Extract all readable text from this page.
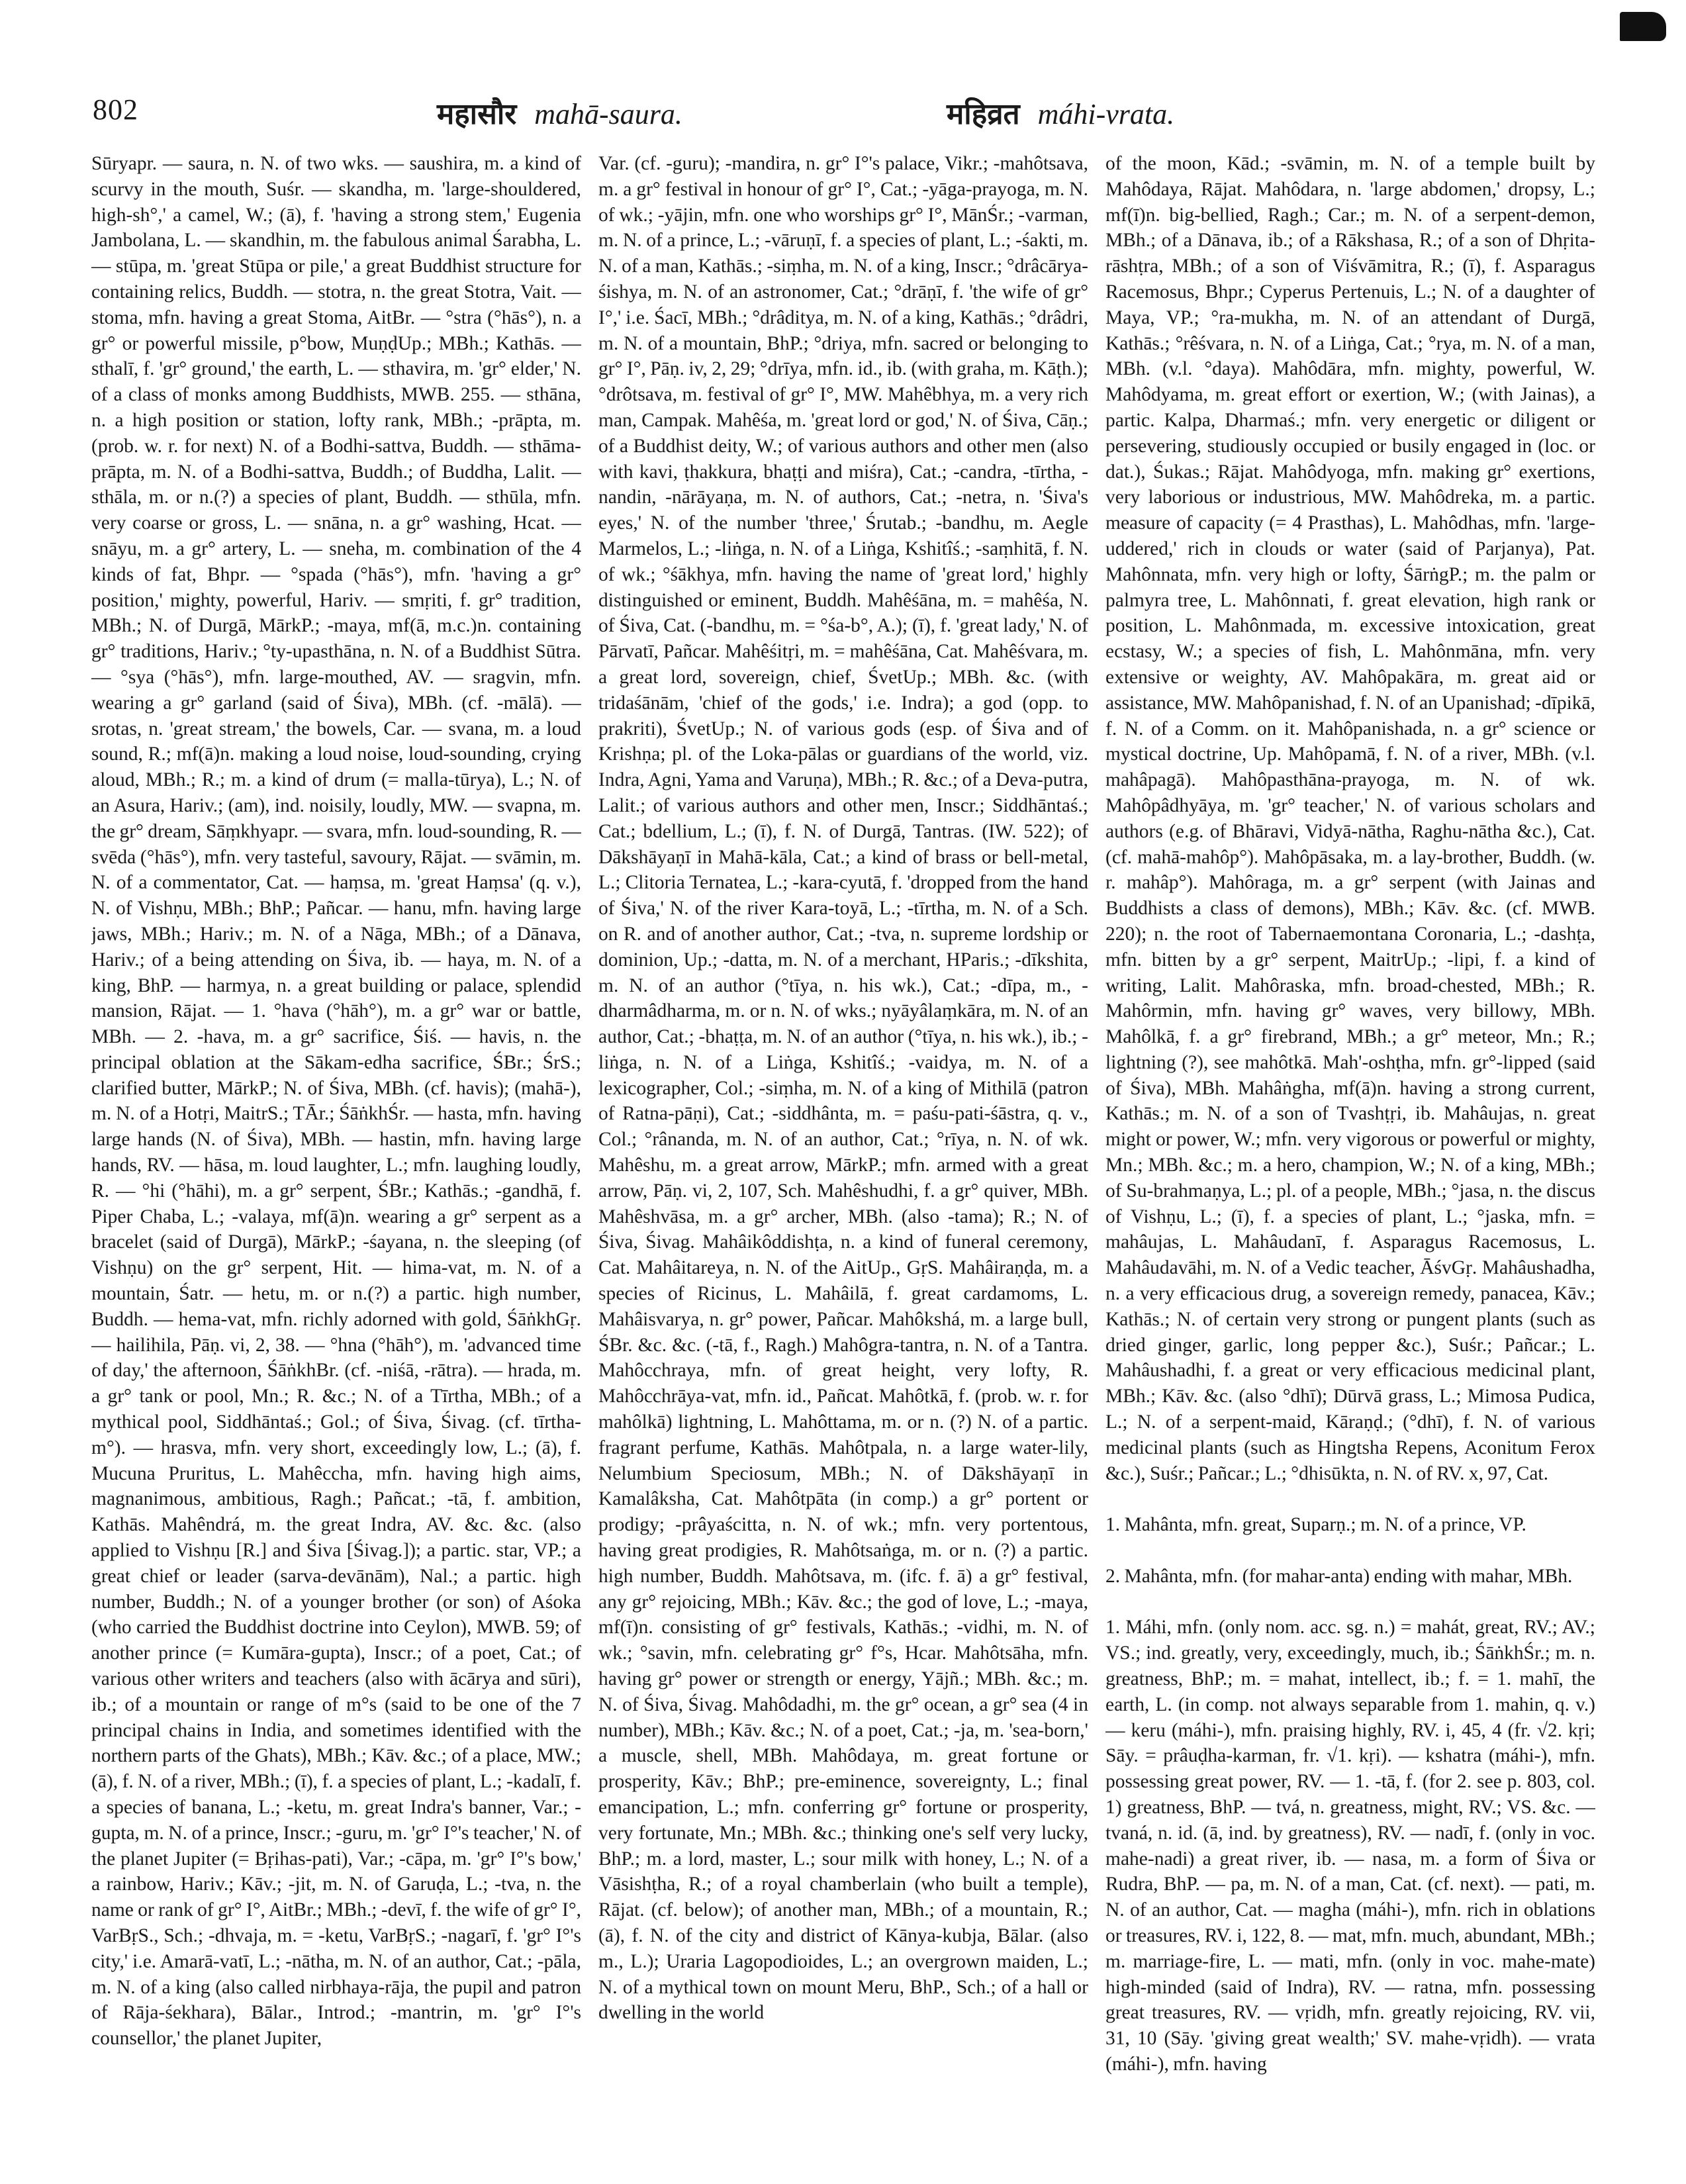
802	महासौर mahā-saura.	महिव्रत máhi-vrata.

Sūryapr. — saura, n. N. of two wks. — saushira, m. a kind of scurvy in the mouth, Suśr. — skandha, m. 'large-shouldered, high-sh°,' a camel, W.; (ā), f. 'having a strong stem,' Eugenia Jambolana, L. — skandhin, m. the fabulous animal Śarabha, L. — stūpa, m. 'great Stūpa or pile,' a great Buddhist structure for containing relics, Buddh. — stotra, n. the great Stotra, Vait. — stoma, mfn. having a great Stoma, AitBr. — °stra (°hās°), n. a gr° or powerful missile, p°bow, MuṇḍUp.; MBh.; Kathās. — sthalī, f. 'gr° ground,' the earth, L. — sthavira, m. 'gr° elder,' N. of a class of monks among Buddhists, MWB. 255. — sthāna, n. a high position or station, lofty rank, MBh.; -prāpta, m. (prob. w. r. for next) N. of a Bodhi-sattva, Buddh. — sthāma-prāpta, m. N. of a Bodhi-sattva, Buddh.; of Buddha, Lalit. — sthāla, m. or n.(?) a species of plant, Buddh. — sthūla, mfn. very coarse or gross, L. — snāna, n. a gr° washing, Hcat. — snāyu, m. a gr° artery, L. — sneha, m. combination of the 4 kinds of fat, Bhpr. — °spada (°hās°), mfn. 'having a gr° position,' mighty, powerful, Hariv. — smṛiti, f. gr° tradition, MBh.; N. of Durgā, MārkP.; -maya, mf(ā, m.c.)n. containing gr° traditions, Hariv.; °ty-upasthāna, n. N. of a Buddhist Sūtra. — °sya (°hās°), mfn. large-mouthed, AV. — sragvin, mfn. wearing a gr° garland (said of Śiva), MBh. (cf. -mālā). — srotas, n. 'great stream,' the bowels, Car. — svana, m. a loud sound, R.; mf(ā)n. making a loud noise, loud-sounding, crying aloud, MBh.; R.; m. a kind of drum (= malla-tūrya), L.; N. of an Asura, Hariv.; (am), ind. noisily, loudly, MW. — svapna, m. the gr° dream, Sāṃkhyapr. — svara, mfn. loud-sounding, R. — svēda (°hās°), mfn. very tasteful, savoury, Rājat. — svāmin, m. N. of a commentator, Cat. — haṃsa, m. 'great Haṃsa' (q. v.), N. of Vishṇu, MBh.; BhP.; Pañcar. — hanu, mfn. having large jaws, MBh.; Hariv.; m. N. of a Nāga, MBh.; of a Dānava, Hariv.; of a being attending on Śiva, ib. — haya, m. N. of a king, BhP. — harmya, n. a great building or palace, splendid mansion, Rājat. — 1. °hava (°hāh°), m. a gr° war or battle, MBh. — 2. -hava, m. a gr° sacrifice, Śiś. — havis, n. the principal oblation at the Sākam-edha sacrifice, ŚBr.; ŚrS.; clarified butter, MārkP.; N. of Śiva, MBh. (cf. havis); (mahā-), m. N. of a Hotṛi, MaitrS.; TĀr.; ŚāṅkhŚr. — hasta, mfn. having large hands (N. of Śiva), MBh. — hastin, mfn. having large hands, RV. — hāsa, m. loud laughter, L.; mfn. laughing loudly, R. — °hi (°hāhi), m. a gr° serpent, ŚBr.; Kathās.; -gandhā, f. Piper Chaba, L.; -valaya, mf(ā)n. wearing a gr° serpent as a bracelet (said of Durgā), MārkP.; -śayana, n. the sleeping (of Vishṇu) on the gr° serpent, Hit. — hima-vat, m. N. of a mountain, Śatr. — hetu, m. or n.(?) a partic. high number, Buddh. — hema-vat, mfn. richly adorned with gold, ŚāṅkhGṛ. — hailihila, Pāṇ. vi, 2, 38. — °hna (°hāh°), m. 'advanced time of day,' the afternoon, ŚāṅkhBr. (cf. -niśā, -rātra). — hrada, m. a gr° tank or pool, Mn.; R. &c.; N. of a Tīrtha, MBh.; of a mythical pool, Siddhāntaś.; Gol.; of Śiva, Śivag. (cf. tīrtha-m°). — hrasva, mfn. very short, exceedingly low, L.; (ā), f. Mucuna Pruritus, L. Mahêccha, mfn. having high aims, magnanimous, ambitious, Ragh.; Pañcat.; -tā, f. ambition, Kathās. Mahêndrá, m. the great Indra, AV. &c. &c. (also applied to Vishṇu [R.] and Śiva [Śivag.]); a partic. star, VP.; a great chief or leader (sarva-devānām), Nal.; a partic. high number, Buddh.; N. of a younger brother (or son) of Aśoka (who carried the Buddhist doctrine into Ceylon), MWB. 59; of another prince (= Kumāra-gupta), Inscr.; of a poet, Cat.; of various other writers and teachers (also with ācārya and sūri), ib.; of a mountain or range of m°s (said to be one of the 7 principal chains in India, and sometimes identified with the northern parts of the Ghats), MBh.; Kāv. &c.; of a place, MW.; (ā), f. N. of a river, MBh.; (ī), f. a species of plant, L.; -kadalī, f. a species of banana, L.; -ketu, m. great Indra's banner, Var.; -gupta, m. N. of a prince, Inscr.; -guru, m. 'gr° I°'s teacher,' N. of the planet Jupiter (= Bṛihas-pati), Var.; -cāpa, m. 'gr° I°'s bow,' a rainbow, Hariv.; Kāv.; -jit, m. N. of Garuḍa, L.; -tva, n. the name or rank of gr° I°, AitBr.; MBh.; -devī, f. the wife of gr° I°, VarBṛS., Sch.; -dhvaja, m. = -ketu, VarBṛS.; -nagarī, f. 'gr° I°'s city,' i.e. Amarā-vatī, L.; -nātha, m. N. of an author, Cat.; -pāla, m. N. of a king (also called nirbhaya-rāja, the pupil and patron of Rāja-śekhara), Bālar., Introd.; -mantrin, m. 'gr° I°'s counsellor,' the planet Jupiter,

Var. (cf. -guru); -mandira, n. gr° I°'s palace, Vikr.; -mahôtsava, m. a gr° festival in honour of gr° I°, Cat.; -yāga-prayoga, m. N. of wk.; -yājin, mfn. one who worships gr° I°, MānŚr.; -varman, m. N. of a prince, L.; -vāruṇī, f. a species of plant, L.; -śakti, m. N. of a man, Kathās.; -siṃha, m. N. of a king, Inscr.; °drâcārya-śishya, m. N. of an astronomer, Cat.; °drāṇī, f. 'the wife of gr° I°,' i.e. Śacī, MBh.; °drâditya, m. N. of a king, Kathās.; °drâdri, m. N. of a mountain, BhP.; °driya, mfn. sacred or belonging to gr° I°, Pāṇ. iv, 2, 29; °drīya, mfn. id., ib. (with graha, m. Kāṭh.); °drôtsava, m. festival of gr° I°, MW. Mahêbhya, m. a very rich man, Campak. Mahêśa, m. 'great lord or god,' N. of Śiva, Cāṇ.; of a Buddhist deity, W.; of various authors and other men (also with kavi, ṭhakkura, bhaṭṭi and miśra), Cat.; -candra, -tīrtha, -nandin, -nārāyaṇa, m. N. of authors, Cat.; -netra, n. 'Śiva's eyes,' N. of the number 'three,' Śrutab.; -bandhu, m. Aegle Marmelos, L.; -liṅga, n. N. of a Liṅga, Kshitîś.; -saṃhitā, f. N. of wk.; °śākhya, mfn. having the name of 'great lord,' highly distinguished or eminent, Buddh. Mahêśāna, m. = mahêśa, N. of Śiva, Cat. (-bandhu, m. = °śa-b°, A.); (ī), f. 'great lady,' N. of Pārvatī, Pañcar. Mahêśitṛi, m. = mahêśāna, Cat. Mahêśvara, m. a great lord, sovereign, chief, ŚvetUp.; MBh. &c. (with tridaśānām, 'chief of the gods,' i.e. Indra); a god (opp. to prakriti), ŚvetUp.; N. of various gods (esp. of Śiva and of Krishṇa; pl. of the Loka-pālas or guardians of the world, viz. Indra, Agni, Yama and Varuṇa), MBh.; R. &c.; of a Deva-putra, Lalit.; of various authors and other men, Inscr.; Siddhāntaś.; Cat.; bdellium, L.; (ī), f. N. of Durgā, Tantras. (IW. 522); of Dākshāyaṇī in Mahā-kāla, Cat.; a kind of brass or bell-metal, L.; Clitoria Ternatea, L.; -kara-cyutā, f. 'dropped from the hand of Śiva,' N. of the river Kara-toyā, L.; -tīrtha, m. N. of a Sch. on R. and of another author, Cat.; -tva, n. supreme lordship or dominion, Up.; -datta, m. N. of a merchant, HParis.; -dīkshita, m. N. of an author (°tīya, n. his wk.), Cat.; -dīpa, m., -dharmâdharma, m. or n. N. of wks.; nyāyâlaṃkāra, m. N. of an author, Cat.; -bhaṭṭa, m. N. of an author (°tīya, n. his wk.), ib.; -liṅga, n. N. of a Liṅga, Kshitîś.; -vaidya, m. N. of a lexicographer, Col.; -siṃha, m. N. of a king of Mithilā (patron of Ratna-pāṇi), Cat.; -siddhânta, m. = paśu-pati-śāstra, q. v., Col.; °rânanda, m. N. of an author, Cat.; °rīya, n. N. of wk. Mahêshu, m. a great arrow, MārkP.; mfn. armed with a great arrow, Pāṇ. vi, 2, 107, Sch. Mahêshudhi, f. a gr° quiver, MBh. Mahêshvāsa, m. a gr° archer, MBh. (also -tama); R.; N. of Śiva, Śivag. Mahâikôddishṭa, n. a kind of funeral ceremony, Cat. Mahâitareya, n. N. of the AitUp., GṛS. Mahâiraṇḍa, m. a species of Ricinus, L. Mahâilā, f. great cardamoms, L. Mahâisvarya, n. gr° power, Pañcar. Mahôkshá, m. a large bull, ŚBr. &c. &c. (-tā, f., Ragh.) Mahôgra-tantra, n. N. of a Tantra. Mahôcchraya, mfn. of great height, very lofty, R. Mahôcchrāya-vat, mfn. id., Pañcat. Mahôtkā, f. (prob. w. r. for mahôlkā) lightning, L. Mahôttama, m. or n. (?) N. of a partic. fragrant perfume, Kathās. Mahôtpala, n. a large water-lily, Nelumbium Speciosum, MBh.; N. of Dākshāyaṇī in Kamalâksha, Cat. Mahôtpāta (in comp.) a gr° portent or prodigy; -prâyaścitta, n. N. of wk.; mfn. very portentous, having great prodigies, R. Mahôtsaṅga, m. or n. (?) a partic. high number, Buddh. Mahôtsava, m. (ifc. f. ā) a gr° festival, any gr° rejoicing, MBh.; Kāv. &c.; the god of love, L.; -maya, mf(ī)n. consisting of gr° festivals, Kathās.; -vidhi, m. N. of wk.; °savin, mfn. celebrating gr° f°s, Hcar. Mahôtsāha, mfn. having gr° power or strength or energy, Yājñ.; MBh. &c.; m. N. of Śiva, Śivag. Mahôdadhi, m. the gr° ocean, a gr° sea (4 in number), MBh.; Kāv. &c.; N. of a poet, Cat.; -ja, m. 'sea-born,' a muscle, shell, MBh. Mahôdaya, m. great fortune or prosperity, Kāv.; BhP.; pre-eminence, sovereignty, L.; final emancipation, L.; mfn. conferring gr° fortune or prosperity, very fortunate, Mn.; MBh. &c.; thinking one's self very lucky, BhP.; m. a lord, master, L.; sour milk with honey, L.; N. of a Vāsishṭha, R.; of a royal chamberlain (who built a temple), Rājat. (cf. below); of another man, MBh.; of a mountain, R.; (ā), f. N. of the city and district of Kānya-kubja, Bālar. (also m., L.); Uraria Lagopodioides, L.; an overgrown maiden, L.; N. of a mythical town on mount Meru, BhP., Sch.; of a hall or dwelling in the world

of the moon, Kād.; -svāmin, m. N. of a temple built by Mahôdaya, Rājat. Mahôdara, n. 'large abdomen,' dropsy, L.; mf(ī)n. big-bellied, Ragh.; Car.; m. N. of a serpent-demon, MBh.; of a Dānava, ib.; of a Rākshasa, R.; of a son of Dhṛita-rāshṭra, MBh.; of a son of Viśvāmitra, R.; (ī), f. Asparagus Racemosus, Bhpr.; Cyperus Pertenuis, L.; N. of a daughter of Maya, VP.; °ra-mukha, m. N. of an attendant of Durgā, Kathās.; °rêśvara, n. N. of a Liṅga, Cat.; °rya, m. N. of a man, MBh. (v.l. °daya). Mahôdāra, mfn. mighty, powerful, W. Mahôdyama, m. great effort or exertion, W.; (with Jainas), a partic. Kalpa, Dharmaś.; mfn. very energetic or diligent or persevering, studiously occupied or busily engaged in (loc. or dat.), Śukas.; Rājat. Mahôdyoga, mfn. making gr° exertions, very laborious or industrious, MW. Mahôdreka, m. a partic. measure of capacity (= 4 Prasthas), L. Mahôdhas, mfn. 'large-uddered,' rich in clouds or water (said of Parjanya), Pat. Mahônnata, mfn. very high or lofty, ŚārṅgP.; m. the palm or palmyra tree, L. Mahônnati, f. great elevation, high rank or position, L. Mahônmada, m. excessive intoxication, great ecstasy, W.; a species of fish, L. Mahônmāna, mfn. very extensive or weighty, AV. Mahôpakāra, m. great aid or assistance, MW. Mahôpanishad, f. N. of an Upanishad; -dīpikā, f. N. of a Comm. on it. Mahôpanishada, n. a gr° science or mystical doctrine, Up. Mahôpamā, f. N. of a river, MBh. (v.l. mahâpagā). Mahôpasthāna-prayoga, m. N. of wk. Mahôpâdhyāya, m. 'gr° teacher,' N. of various scholars and authors (e.g. of Bhāravi, Vidyā-nātha, Raghu-nātha &c.), Cat. (cf. mahā-mahôp°). Mahôpāsaka, m. a lay-brother, Buddh. (w. r. mahâp°). Mahôraga, m. a gr° serpent (with Jainas and Buddhists a class of demons), MBh.; Kāv. &c. (cf. MWB. 220); n. the root of Tabernaemontana Coronaria, L.; -dashṭa, mfn. bitten by a gr° serpent, MaitrUp.; -lipi, f. a kind of writing, Lalit. Mahôraska, mfn. broad-chested, MBh.; R. Mahôrmin, mfn. having gr° waves, very billowy, MBh. Mahôlkā, f. a gr° firebrand, MBh.; a gr° meteor, Mn.; R.; lightning (?), see mahôtkā. Mah'-oshṭha, mfn. gr°-lipped (said of Śiva), MBh. Mahâṅgha, mf(ā)n. having a strong current, Kathās.; m. N. of a son of Tvashṭṛi, ib. Mahâujas, n. great might or power, W.; mfn. very vigorous or powerful or mighty, Mn.; MBh. &c.; m. a hero, champion, W.; N. of a king, MBh.; of Su-brahmaṇya, L.; pl. of a people, MBh.; °jasa, n. the discus of Vishṇu, L.; (ī), f. a species of plant, L.; °jaska, mfn. = mahâujas, L. Mahâudanī, f. Asparagus Racemosus, L. Mahâudavāhi, m. N. of a Vedic teacher, ĀśvGṛ. Mahâushadha, n. a very efficacious drug, a sovereign remedy, panacea, Kāv.; Kathās.; N. of certain very strong or pungent plants (such as dried ginger, garlic, long pepper &c.), Suśr.; Pañcar.; L. Mahâushadhi, f. a great or very efficacious medicinal plant, MBh.; Kāv. &c. (also °dhī); Dūrvā grass, L.; Mimosa Pudica, L.; N. of a serpent-maid, Kāraṇḍ.; (°dhī), f. N. of various medicinal plants (such as Hingtsha Repens, Aconitum Ferox &c.), Suśr.; Pañcar.; L.; °dhisūkta, n. N. of RV. x, 97, Cat.

1. Mahânta, mfn. great, Suparṇ.; m. N. of a prince, VP.

2. Mahânta, mfn. (for mahar-anta) ending with mahar, MBh.

1. Máhi, mfn. (only nom. acc. sg. n.) = mahát, great, RV.; AV.; VS.; ind. greatly, very, exceedingly, much, ib.; ŚāṅkhŚr.; m. n. greatness, BhP.; m. = mahat, intellect, ib.; f. = 1. mahī, the earth, L. (in comp. not always separable from 1. mahin, q. v.) — keru (máhi-), mfn. praising highly, RV. i, 45, 4 (fr. √2. kṛi; Sāy. = prâuḍha-karman, fr. √1. kṛi). — kshatra (máhi-), mfn. possessing great power, RV. — 1. -tā, f. (for 2. see p. 803, col. 1) greatness, BhP. — tvá, n. greatness, might, RV.; VS. &c. — tvaná, n. id. (ā, ind. by greatness), RV. — nadī, f. (only in voc. mahe-nadi) a great river, ib. — nasa, m. a form of Śiva or Rudra, BhP. — pa, m. N. of a man, Cat. (cf. next). — pati, m. N. of an author, Cat. — magha (máhi-), mfn. rich in oblations or treasures, RV. i, 122, 8. — mat, mfn. much, abundant, MBh.; m. marriage-fire, L. — mati, mfn. (only in voc. mahe-mate) high-minded (said of Indra), RV. — ratna, mfn. possessing great treasures, RV. — vṛidh, mfn. greatly rejoicing, RV. vii, 31, 10 (Sāy. 'giving great wealth;' SV. mahe-vṛidh). — vrata (máhi-), mfn. having
